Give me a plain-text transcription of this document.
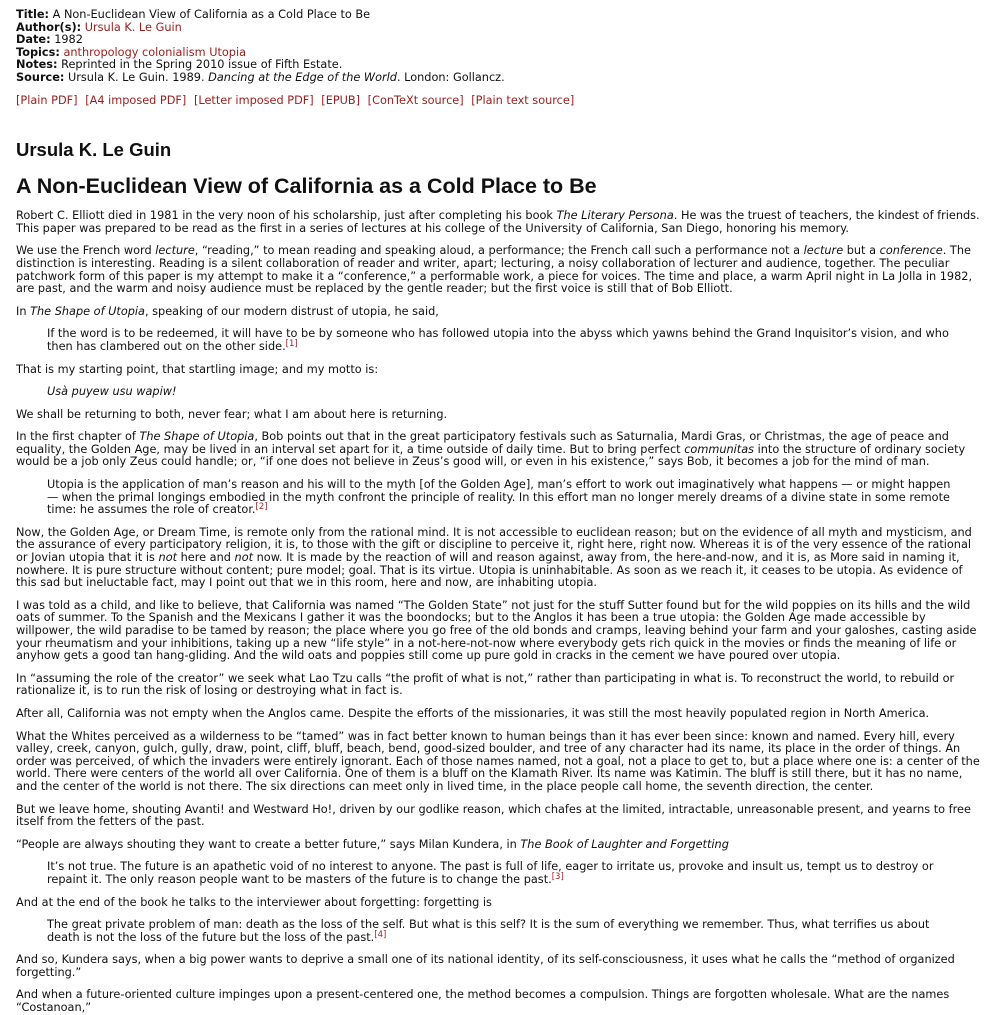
Title: A Non-Euclidean View of California as a Cold Place to Be

Author(s): Ursula K. Le Guin

Date: 1982

Topics: anthropology colonialism Utopia

Notes: Reprinted in the Spring 2010 issue of Fifth Estate.

Source: Ursula K. Le Guin. 1989. Dancing at the Edge of the World. London: Gollancz.

[Plain PDF] [A4 imposed PDF] [Letter imposed PDF] [EPUB] [ConTeXt source] [Plain text source]

Ursula K. Le Guin
A Non-Euclidean View of California as a Cold Place to Be

Robert C. Elliott died in 1981 in the very noon of his scholarship, just after completing his book The Literary Persona. He was the truest of teachers, the kindest of friends. This paper was prepared to be read as the first in a series of lectures at his college of the University of California, San Diego, honoring his memory.

We use the French word lecture, “reading,” to mean reading and speaking aloud, a performance; the French call such a performance not a lecture but a conference. The distinction is interesting. Reading is a silent collaboration of reader and writer, apart; lecturing, a noisy collaboration of lecturer and audience, together. The peculiar patchwork form of this paper is my attempt to make it a “conference,” a performable work, a piece for voices. The time and place, a warm April night in La Jolla in 1982, are past, and the warm and noisy audience must be replaced by the gentle reader; but the first voice is still that of Bob Elliott.

In The Shape of Utopia, speaking of our modern distrust of utopia, he said,

If the word is to be redeemed, it will have to be by someone who has followed utopia into the abyss which yawns behind the Grand Inquisitor’s vision, and who then has clambered out on the other side.[1]

That is my starting point, that startling image; and my motto is:

Usà puyew usu wapiw!

We shall be returning to both, never fear; what I am about here is returning.

In the first chapter of The Shape of Utopia, Bob points out that in the great participatory festivals such as Saturnalia, Mardi Gras, or Christmas, the age of peace and equality, the Golden Age, may be lived in an interval set apart for it, a time outside of daily time. But to bring perfect communitas into the structure of ordinary society would be a job only Zeus could handle; or, “if one does not believe in Zeus’s good will, or even in his existence,” says Bob, it becomes a job for the mind of man.

Utopia is the application of man’s reason and his will to the myth [of the Golden Age], man’s effort to work out imaginatively what happens — or might happen — when the primal longings embodied in the myth confront the principle of reality. In this effort man no longer merely dreams of a divine state in some remote time: he assumes the role of creator.[2]

Now, the Golden Age, or Dream Time, is remote only from the rational mind. It is not accessible to euclidean reason; but on the evidence of all myth and mysticism, and the assurance of every participatory religion, it is, to those with the gift or discipline to perceive it, right here, right now. Whereas it is of the very essence of the rational or Jovian utopia that it is not here and not now. It is made by the reaction of will and reason against, away from, the here-and-now, and it is, as More said in naming it, nowhere. It is pure structure without content; pure model; goal. That is its virtue. Utopia is uninhabitable. As soon as we reach it, it ceases to be utopia. As evidence of this sad but ineluctable fact, may I point out that we in this room, here and now, are inhabiting utopia.

I was told as a child, and like to believe, that California was named “The Golden State” not just for the stuff Sutter found but for the wild poppies on its hills and the wild oats of summer. To the Spanish and the Mexicans I gather it was the boondocks; but to the Anglos it has been a true utopia: the Golden Age made accessible by willpower, the wild paradise to be tamed by reason; the place where you go free of the old bonds and cramps, leaving behind your farm and your galoshes, casting aside your rheumatism and your inhibitions, taking up a new “life style” in a not-here-not-now where everybody gets rich quick in the movies or finds the meaning of life or anyhow gets a good tan hang-gliding. And the wild oats and poppies still come up pure gold in cracks in the cement we have poured over utopia.

In “assuming the role of the creator” we seek what Lao Tzu calls “the profit of what is not,” rather than participating in what is. To reconstruct the world, to rebuild or rationalize it, is to run the risk of losing or destroying what in fact is.

After all, California was not empty when the Anglos came. Despite the efforts of the missionaries, it was still the most heavily populated region in North America.

What the Whites perceived as a wilderness to be “tamed” was in fact better known to human beings than it has ever been since: known and named. Every hill, every valley, creek, canyon, gulch, gully, draw, point, cliff, bluff, beach, bend, good-sized boulder, and tree of any character had its name, its place in the order of things. An order was perceived, of which the invaders were entirely ignorant. Each of those names named, not a goal, not a place to get to, but a place where one is: a center of the world. There were centers of the world all over California. One of them is a bluff on the Klamath River. Its name was Katimin. The bluff is still there, but it has no name, and the center of the world is not there. The six directions can meet only in lived time, in the place people call home, the seventh direction, the center.

But we leave home, shouting Avanti! and Westward Ho!, driven by our godlike reason, which chafes at the limited, intractable, unreasonable present, and yearns to free itself from the fetters of the past.

“People are always shouting they want to create a better future,” says Milan Kundera, in The Book of Laughter and Forgetting

It’s not true. The future is an apathetic void of no interest to anyone. The past is full of life, eager to irritate us, provoke and insult us, tempt us to destroy or repaint it. The only reason people want to be masters of the future is to change the past.[3]

And at the end of the book he talks to the interviewer about forgetting: forgetting is

The great private problem of man: death as the loss of the self. But what is this self? It is the sum of everything we remember. Thus, what terrifies us about death is not the loss of the future but the loss of the past.[4]

And so, Kundera says, when a big power wants to deprive a small one of its national identity, of its self-consciousness, it uses what he calls the “method of organized forgetting.”

And when a future-oriented culture impinges upon a present-centered one, the method becomes a compulsion. Things are forgotten wholesale. What are the names “Costanoan,”
